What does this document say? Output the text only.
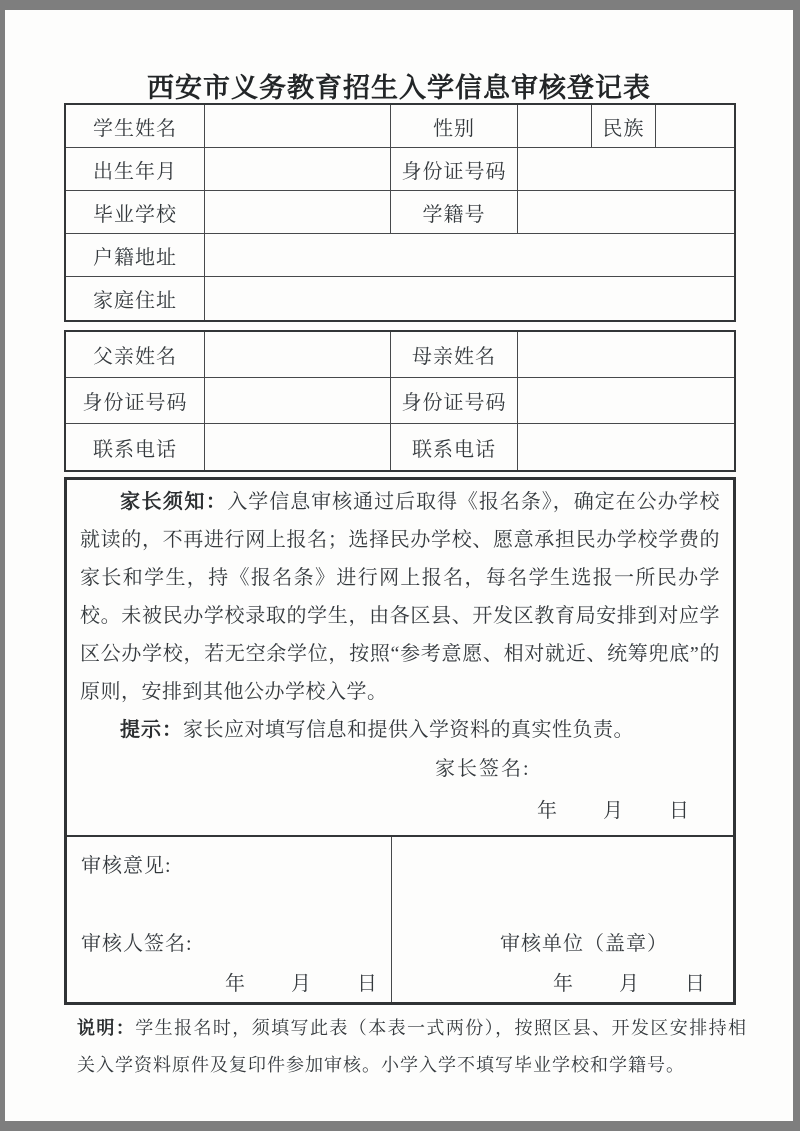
西安市义务教育招生入学信息审核登记表
学生姓名	性别	民族
出生年月	身份证号码
毕业学校	学籍号
户籍地址
家庭住址
父亲姓名	母亲姓名
身份证号码	身份证号码
联系电话	联系电话

家长须知：入学信息审核通过后取得《报名条》，确定在公办学校就读的，不再进行网上报名；选择民办学校、愿意承担民办学校学费的家长和学生，持《报名条》进行网上报名，每名学生选报一所民办学校。未被民办学校录取的学生，由各区县、开发区教育局安排到对应学区公办学校，若无空余学位，按照“参考意愿、相对就近、统筹兜底”的原则，安排到其他公办学校入学。

提示：家长应对填写信息和提供入学资料的真实性负责。

家长签名:
年　　月　　日
审核意见:
审核人签名:
年　　月　　日
审核单位（盖章）
年　　月　　日

说明：学生报名时，须填写此表（本表一式两份），按照区县、开发区安排持相关入学资料原件及复印件参加审核。小学入学不填写毕业学校和学籍号。
